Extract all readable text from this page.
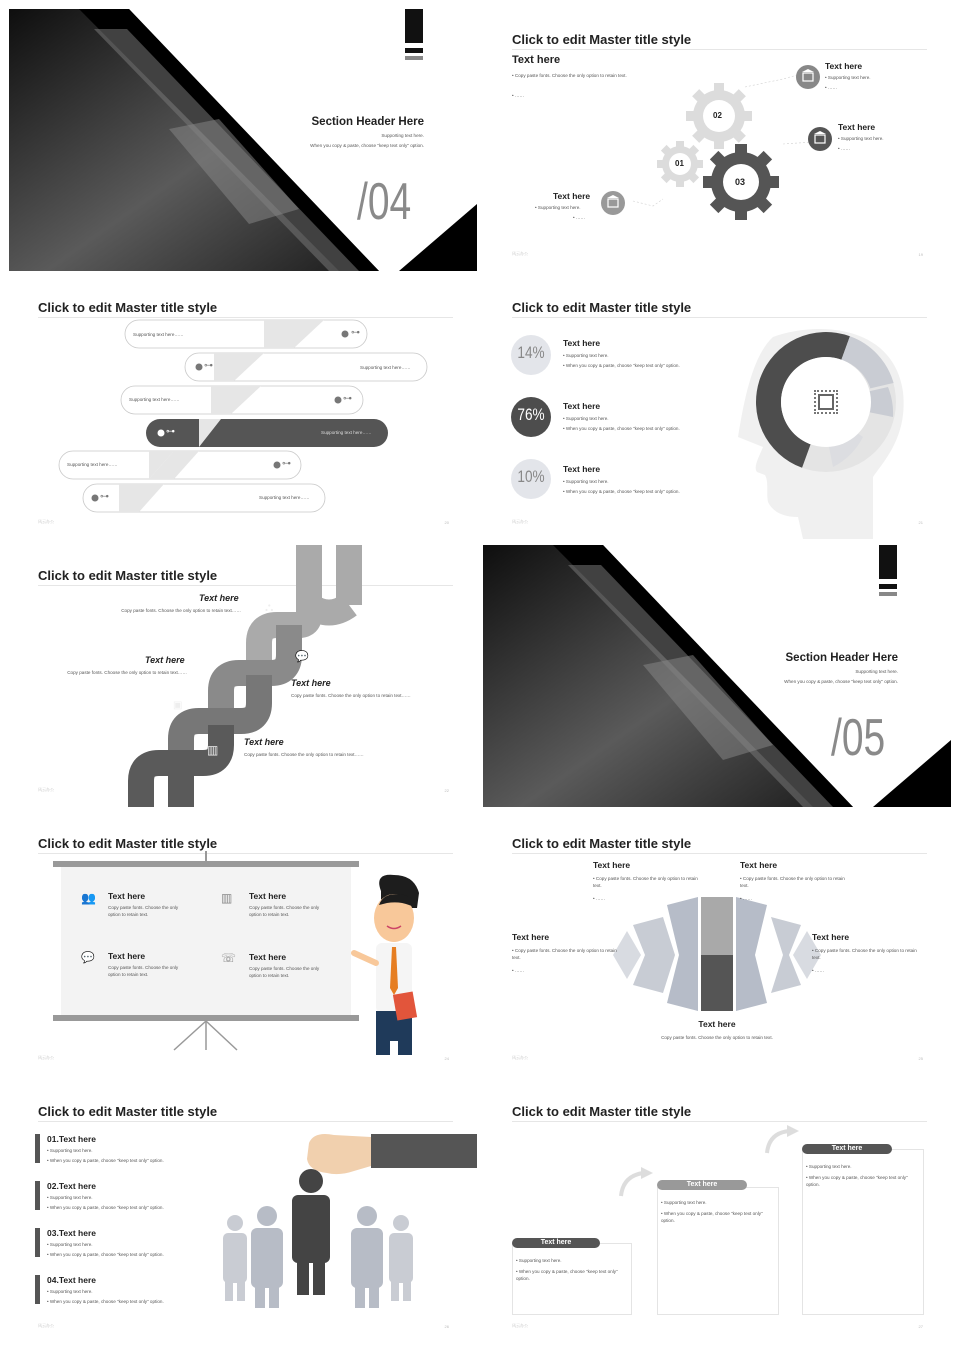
Section Header Here
Supporting text here.
When you copy & paste, choose "keep text only" option.
/04
Click to edit Master title style
Text here
• Copy paste fonts. Choose the only option to retain text.
• ……
02
01
03
Text here
• Supporting text here.
• ……
Text here
• Supporting text here.
• ……
Text here
• Supporting text here.
• ……
风云办公	19
Click to edit Master title style
⊶
⊶
⊶
⊶
⊶
⊶
Supporting text here……
Supporting text here……
Supporting text here……
Supporting text here……
Supporting text here……
Supporting text here……
风云办公	20
Click to edit Master title style
14%
76%
10%
Text here
• Supporting text here.
• When you copy & paste, choose "keep text only" option.
Text here
• Supporting text here.
• When you copy & paste, choose "keep text only" option.
Text here
• Supporting text here.
• When you copy & paste, choose "keep text only" option.
风云办公	21
Click to edit Master title style
⛬
💬
▣
▥
Text here
Copy paste fonts. Choose the only option to retain text……
Text here
Copy paste fonts. Choose the only option to retain text……
Text here
Copy paste fonts. Choose the only option to retain text……
Text here
Copy paste fonts. Choose the only option to retain text……
风云办公	22
Section Header Here
Supporting text here.
When you copy & paste, choose "keep text only" option.
/05
Click to edit Master title style
👥	▥
💬	☏
Text here
Copy paste fonts. Choose the only option to retain text.
Text here
Copy paste fonts. Choose the only option to retain text.
Text here
Copy paste fonts. Choose the only option to retain text.
Text here
Copy paste fonts. Choose the only option to retain text.
风云办公	24
Click to edit Master title style
Text here
• Copy paste fonts. Choose the only option to retain text.
• ……
Text here
• Copy paste fonts. Choose the only option to retain text.
• ……
Text here
• Copy paste fonts. Choose the only option to retain text.
• ……
Text here
• Copy paste fonts. Choose the only option to retain text.
• ……
Text here
Copy paste fonts. Choose the only option to retain text.
风云办公	25
Click to edit Master title style
01.Text here
• Supporting text here.
• When you copy & paste, choose "keep text only" option.
02.Text here
• Supporting text here.
• When you copy & paste, choose "keep text only" option.
03.Text here
• Supporting text here.
• When you copy & paste, choose "keep text only" option.
04.Text here
• Supporting text here.
• When you copy & paste, choose "keep text only" option.
风云办公	26
Click to edit Master title style
Text here
Text here
Text here
• Supporting text here.
• When you copy & paste, choose "keep text only" option.
• Supporting text here.
• When you copy & paste, choose "keep text only" option.
• Supporting text here.
• When you copy & paste, choose "keep text only" option.
风云办公	27
